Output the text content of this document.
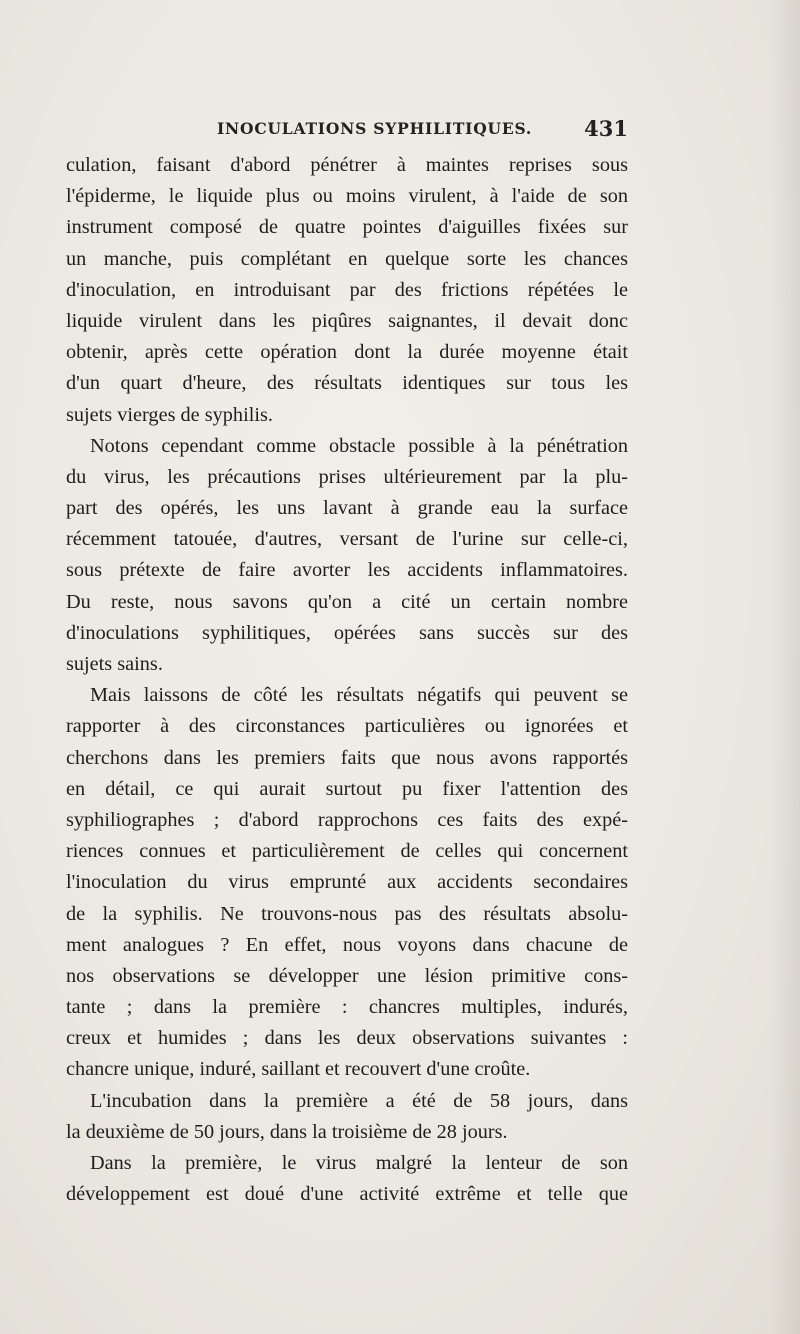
INOCULATIONS SYPHILITIQUES. 431
culation, faisant d'abord pénétrer à maintes reprises sous
l'épiderme, le liquide plus ou moins virulent, à l'aide de son
instrument composé de quatre pointes d'aiguilles fixées sur
un manche, puis complétant en quelque sorte les chances
d'inoculation, en introduisant par des frictions répétées le
liquide virulent dans les piqûres saignantes, il devait donc
obtenir, après cette opération dont la durée moyenne était
d'un quart d'heure, des résultats identiques sur tous les
sujets vierges de syphilis.
Notons cependant comme obstacle possible à la pénétration
du virus, les précautions prises ultérieurement par la plu-
part des opérés, les uns lavant à grande eau la surface
récemment tatouée, d'autres, versant de l'urine sur celle-ci,
sous prétexte de faire avorter les accidents inflammatoires.
Du reste, nous savons qu'on a cité un certain nombre
d'inoculations syphilitiques, opérées sans succès sur des
sujets sains.
Mais laissons de côté les résultats négatifs qui peuvent se
rapporter à des circonstances particulières ou ignorées et
cherchons dans les premiers faits que nous avons rapportés
en détail, ce qui aurait surtout pu fixer l'attention des
syphiliographes ; d'abord rapprochons ces faits des expé-
riences connues et particulièrement de celles qui concernent
l'inoculation du virus emprunté aux accidents secondaires
de la syphilis. Ne trouvons-nous pas des résultats absolu-
ment analogues ? En effet, nous voyons dans chacune de
nos observations se développer une lésion primitive cons-
tante ; dans la première : chancres multiples, indurés,
creux et humides ; dans les deux observations suivantes :
chancre unique, induré, saillant et recouvert d'une croûte.
L'incubation dans la première a été de 58 jours, dans
la deuxième de 50 jours, dans la troisième de 28 jours.
Dans la première, le virus malgré la lenteur de son
développement est doué d'une activité extrême et telle que
